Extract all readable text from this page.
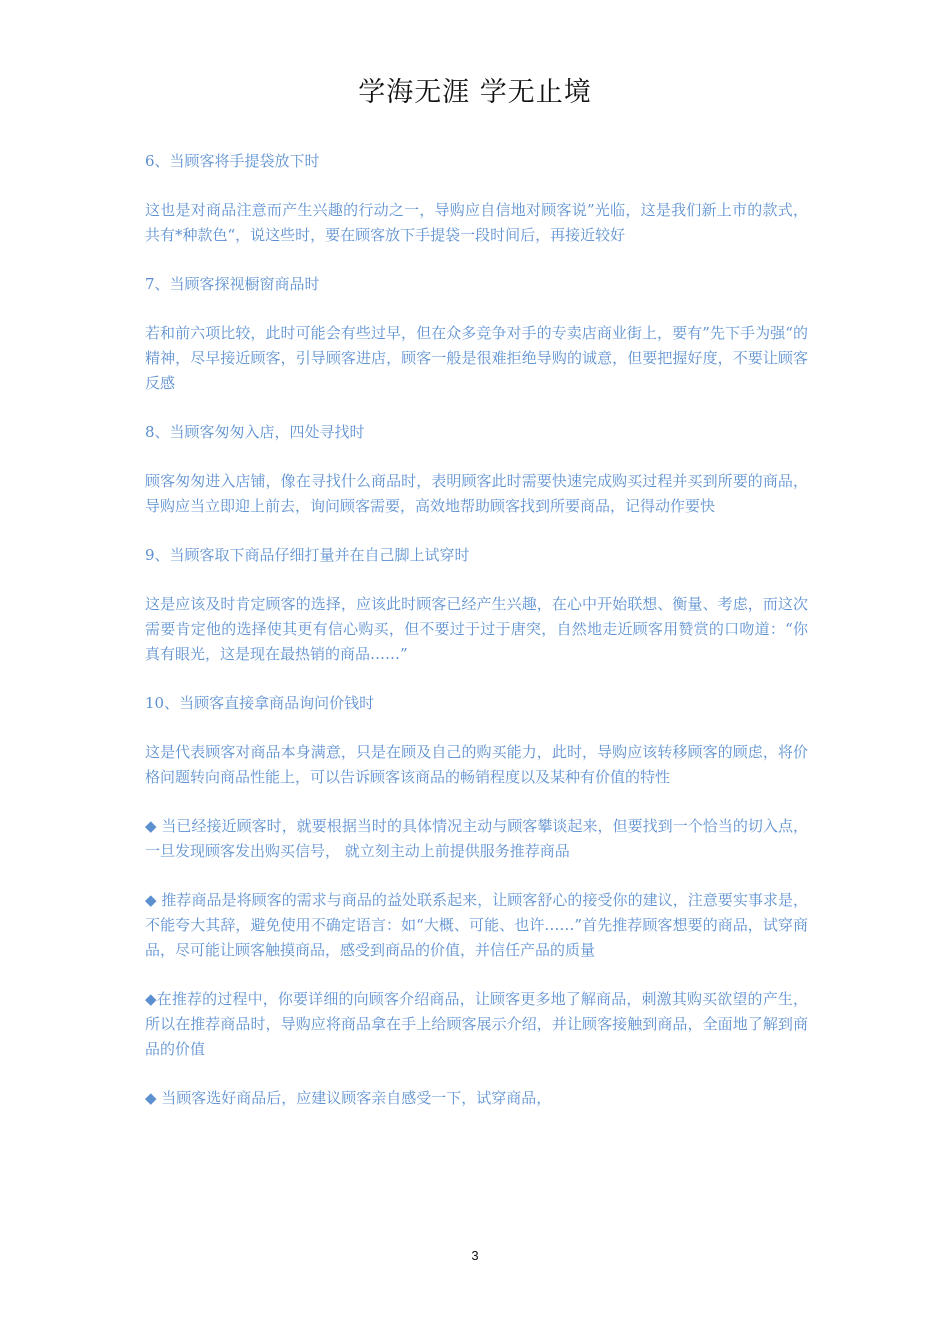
学海无涯 学无止境
6、当顾客将手提袋放下时
这也是对商品注意而产生兴趣的行动之一，导购应自信地对顾客说”光临，这是我们新上市的款式，共有*种款色“，说这些时，要在顾客放下手提袋一段时间后，再接近较好
7、当顾客探视橱窗商品时
若和前六项比较，此时可能会有些过早，但在众多竞争对手的专卖店商业街上，要有”先下手为强“的精神，尽早接近顾客，引导顾客进店，顾客一般是很难拒绝导购的诚意，但要把握好度，不要让顾客反感
8、当顾客匆匆入店，四处寻找时
顾客匆匆进入店铺，像在寻找什么商品时，表明顾客此时需要快速完成购买过程并买到所要的商品，导购应当立即迎上前去，询问顾客需要，高效地帮助顾客找到所要商品，记得动作要快
9、当顾客取下商品仔细打量并在自己脚上试穿时
这是应该及时肯定顾客的选择，应该此时顾客已经产生兴趣，在心中开始联想、衡量、考虑，而这次需要肯定他的选择使其更有信心购买，但不要过于过于唐突，自然地走近顾客用赞赏的口吻道：“你真有眼光，这是现在最热销的商品……”
10、当顾客直接拿商品询问价钱时
这是代表顾客对商品本身满意，只是在顾及自己的购买能力，此时，导购应该转移顾客的顾虑，将价格问题转向商品性能上，可以告诉顾客该商品的畅销程度以及某种有价值的特性
◆ 当已经接近顾客时，就要根据当时的具体情况主动与顾客攀谈起来，但要找到一个恰当的切入点，一旦发现顾客发出购买信号， 就立刻主动上前提供服务推荐商品
◆ 推荐商品是将顾客的需求与商品的益处联系起来，让顾客舒心的接受你的建议，注意要实事求是，不能夸大其辞，避免使用不确定语言：如“大概、可能、也许……”首先推荐顾客想要的商品，试穿商品，尽可能让顾客触摸商品，感受到商品的价值，并信任产品的质量
◆在推荐的过程中，你要详细的向顾客介绍商品，让顾客更多地了解商品，刺激其购买欲望的产生，所以在推荐商品时，导购应将商品拿在手上给顾客展示介绍，并让顾客接触到商品，全面地了解到商品的价值
◆ 当顾客选好商品后，应建议顾客亲自感受一下，试穿商品，
3
